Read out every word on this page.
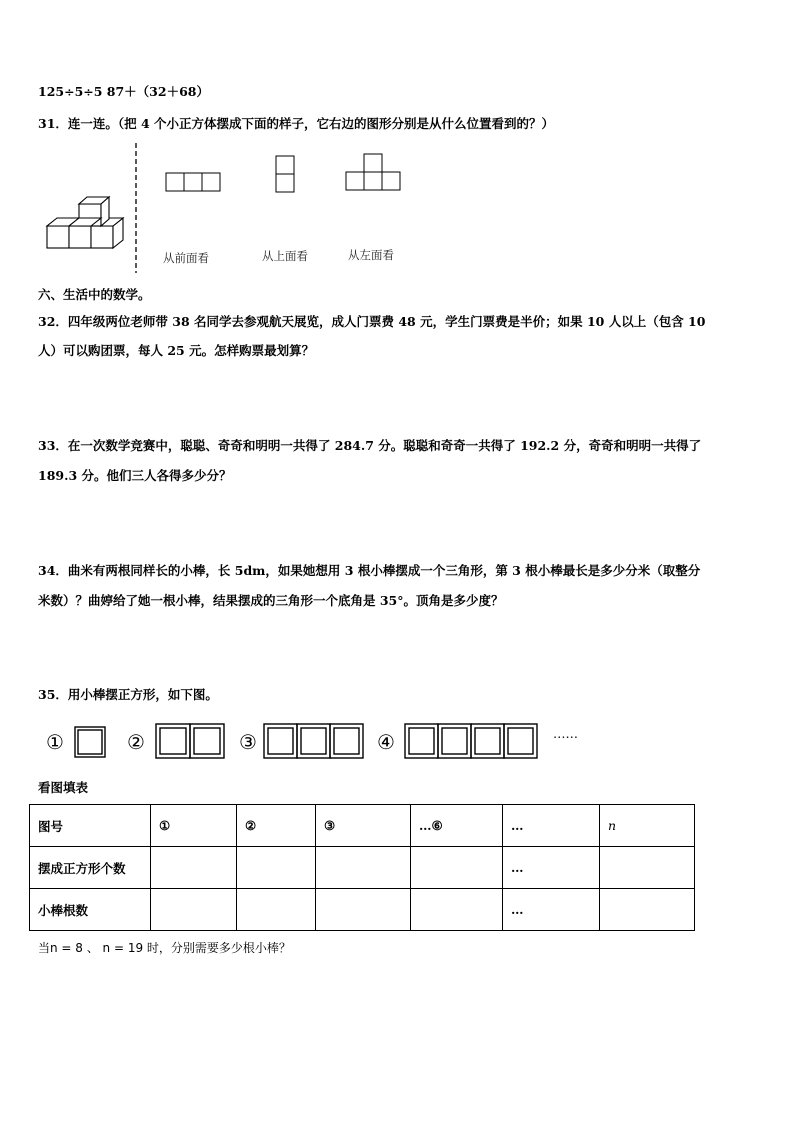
125÷5÷5 87＋（32＋68）
31．连一连。（把 4 个小正方体摆成下面的样子，它右边的图形分别是从什么位置看到的？）
从前面看	从上面看	从左面看
六、生活中的数学。
32．四年级两位老师带 38 名同学去参观航天展览，成人门票费 48 元，学生门票费是半价；如果 10 人以上（包含 10
人）可以购团票，每人 25 元。怎样购票最划算？
33．在一次数学竞赛中，聪聪、奇奇和明明一共得了 284.7 分。聪聪和奇奇一共得了 192.2 分，奇奇和明明一共得了
189.3 分。他们三人各得多少分？
34．曲米有两根同样长的小棒，长 5dm，如果她想用 3 根小棒摆成一个三角形，第 3 根小棒最长是多少分米（取整分
米数）？曲婷给了她一根小棒，结果摆成的三角形一个底角是 35°。顶角是多少度？
35．用小棒摆正方形，如下图。
①	②	③	④	……
看图填表
图号	①	②	③	…⑥	…	n
摆成正方形个数					…	
小棒根数					…	
当n = 8 、 n = 19 时，分别需要多少根小棒？
